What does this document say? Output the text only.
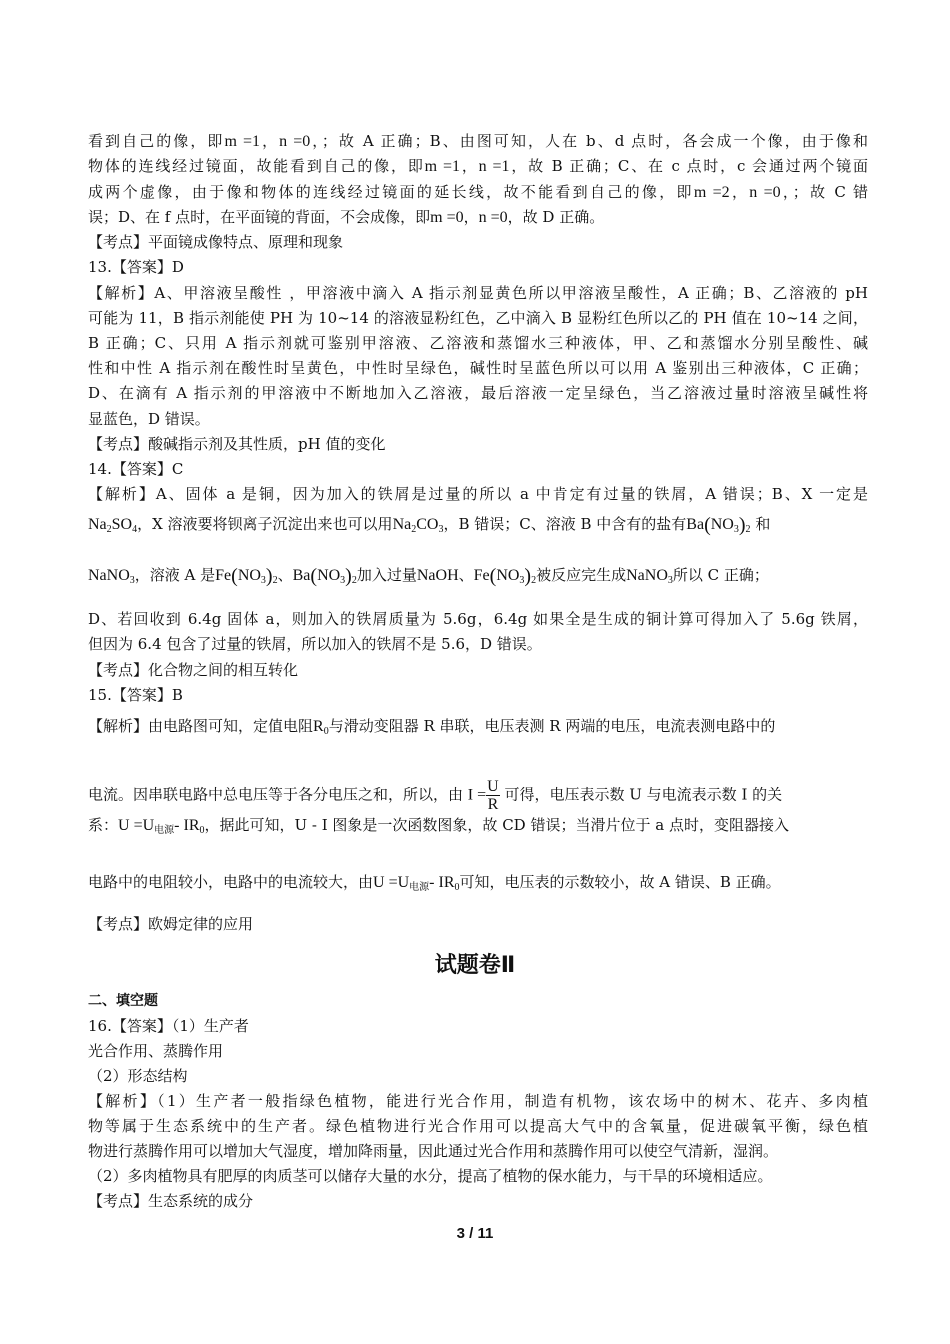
看到自己的像，即m =1，n =0，；故 A 正确；B、由图可知，人在 b、d 点时，各会成一个像，由于像和
物体的连线经过镜面，故能看到自己的像，即m =1，n =1，故 B 正确；C、在 c 点时，c 会通过两个镜面
成两个虚像，由于像和物体的连线经过镜面的延长线，故不能看到自己的像，即m =2，n =0，；故 C 错
误；D、在 f 点时，在平面镜的背面，不会成像，即m =0，n =0，故 D 正确。
【考点】平面镜成像特点、原理和现象
13.【答案】D
【解析】A、甲溶液呈酸性 ，甲溶液中滴入 A 指示剂显黄色所以甲溶液呈酸性，A 正确；B、乙溶液的 pH
可能为 11，B 指示剂能使 PH 为 10~14 的溶液显粉红色，乙中滴入 B 显粉红色所以乙的 PH 值在 10~14 之间，
B 正确；C、只用 A 指示剂就可鉴别甲溶液、乙溶液和蒸馏水三种液体，甲、乙和蒸馏水分别呈酸性、碱
性和中性 A 指示剂在酸性时呈黄色，中性时呈绿色，碱性时呈蓝色所以可以用 A 鉴别出三种液体，C 正确；
D、在滴有 A 指示剂的甲溶液中不断地加入乙溶液，最后溶液一定呈绿色，当乙溶液过量时溶液呈碱性将
显蓝色，D 错误。
【考点】酸碱指示剂及其性质，pH 值的变化
14.【答案】C
【解析】A、固体 a 是铜，因为加入的铁屑是过量的所以 a 中肯定有过量的铁屑，A 错误；B、X 一定是
$Na_2SO_4$，X 溶液要将钡离子沉淀出来也可以用$Na_2CO_3$，B 错误；C、溶液 B 中含有的盐有$Ba(NO_3)_2$ 和
NaNO$_3$，溶液 A 是$Fe(NO_3)_2$、$Ba(NO_3)_2$加入过量NaOH、$Fe(NO_3)_2$被反应完生成NaNO$_3$所以 C 正确；
D、若回收到 6.4g 固体 a，则加入的铁屑质量为 5.6g，6.4g 如果全是生成的铜计算可得加入了 5.6g 铁屑，
但因为 6.4 包含了过量的铁屑，所以加入的铁屑不是 5.6，D 错误。
【考点】化合物之间的相互转化
15.【答案】B
【解析】由电路图可知，定值电阻$R_0$与滑动变阻器 R 串联，电压表测 R 两端的电压，电流表测电路中的
电流。因串联电路中总电压等于各分电压之和，所以，由 $I = \frac{U}{R}$ 可得，电压表示数 U 与电流表示数 I 的关
系：$U =U_{电源}-$ $IR_0$，据此可知，U - I 图象是一次函数图象，故 CD 错误；当滑片位于 a 点时，变阻器接入
电路中的电阻较小，电路中的电流较大，由$U =U_{电源}-$ $IR_0$可知，电压表的示数较小，故 A 错误、B 正确。
【考点】欧姆定律的应用
试题卷Ⅱ
二、填空题
16.【答案】（1）生产者
光合作用、蒸腾作用
（2）形态结构
【解析】（1）生产者一般指绿色植物，能进行光合作用，制造有机物，该农场中的树木、花卉、多肉植
物等属于生态系统中的生产者。绿色植物进行光合作用可以提高大气中的含氧量，促进碳氧平衡，绿色植
物进行蒸腾作用可以增加大气湿度，增加降雨量，因此通过光合作用和蒸腾作用可以使空气清新，湿润。
（2）多肉植物具有肥厚的肉质茎可以储存大量的水分，提高了植物的保水能力，与干旱的环境相适应。
【考点】生态系统的成分
3 / 11
